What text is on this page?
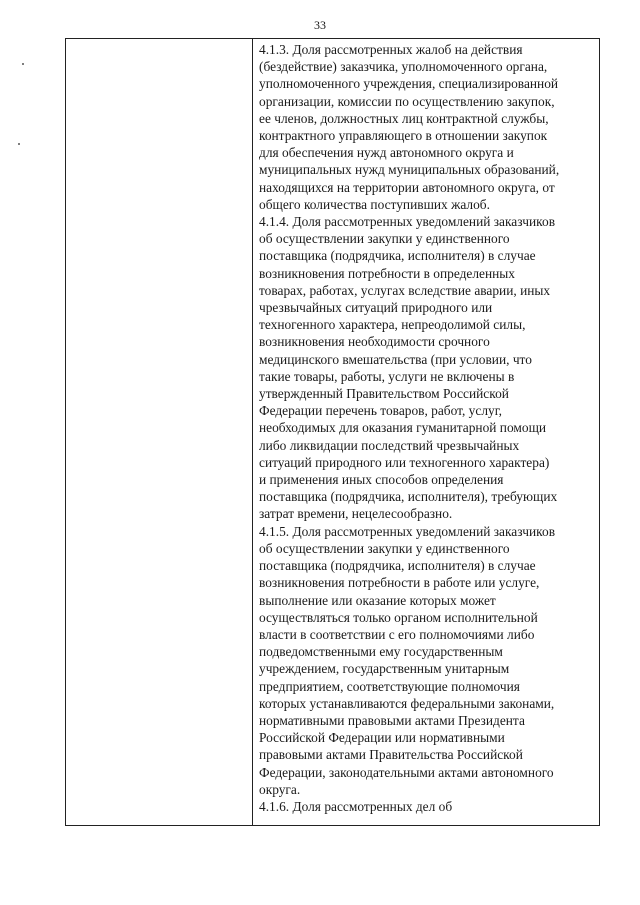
33
4.1.3. Доля рассмотренных жалоб на действия
(бездействие) заказчика, уполномоченного органа,
уполномоченного учреждения, специализированной
организации, комиссии по осуществлению закупок,
ее членов, должностных лиц контрактной службы,
контрактного управляющего в отношении закупок
для обеспечения нужд автономного округа и
муниципальных нужд муниципальных образований,
находящихся на территории автономного округа, от
общего количества поступивших жалоб.
4.1.4. Доля рассмотренных уведомлений заказчиков
об осуществлении закупки у единственного
поставщика (подрядчика, исполнителя) в случае
возникновения потребности в определенных
товарах, работах, услугах вследствие аварии, иных
чрезвычайных ситуаций природного или
техногенного характера, непреодолимой силы,
возникновения необходимости срочного
медицинского вмешательства (при условии, что
такие товары, работы, услуги не включены в
утвержденный Правительством Российской
Федерации перечень товаров, работ, услуг,
необходимых для оказания гуманитарной помощи
либо ликвидации последствий чрезвычайных
ситуаций природного или техногенного характера)
и применения иных способов определения
поставщика (подрядчика, исполнителя), требующих
затрат времени, нецелесообразно.
4.1.5. Доля рассмотренных уведомлений заказчиков
об осуществлении закупки у единственного
поставщика (подрядчика, исполнителя) в случае
возникновения потребности в работе или услуге,
выполнение или оказание которых может
осуществляться только органом исполнительной
власти в соответствии с его полномочиями либо
подведомственными ему государственным
учреждением, государственным унитарным
предприятием, соответствующие полномочия
которых устанавливаются федеральными законами,
нормативными правовыми актами Президента
Российской Федерации или нормативными
правовыми актами Правительства Российской
Федерации, законодательными актами автономного
округа.
4.1.6. Доля рассмотренных дел об
